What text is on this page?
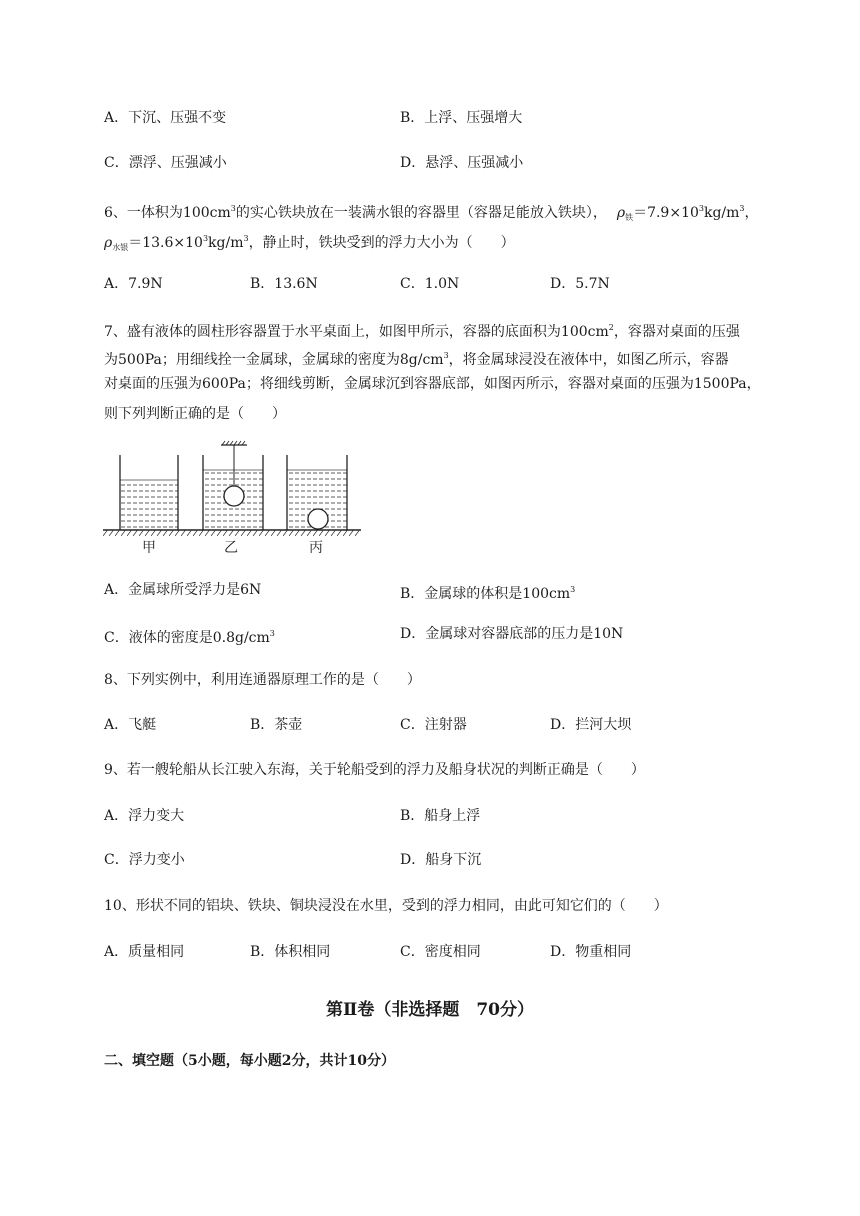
A．下沉、压强不变	B．上浮、压强增大
C．漂浮、压强减小	D．悬浮、压强减小
6、一体积为$100cm^3$的实心铁块放在一装满水银的容器里（容器足能放入铁块）， $\rho_铁=7.9\times 10^3kg/m^3$，
$\rho_{水银}=13.6\times 10^3kg/m^3$，静止时，铁块受到的浮力大小为（　　）
A．7.9N	B．13.6N	C．1.0N	D．5.7N
7、盛有液体的圆柱形容器置于水平桌面上，如图甲所示，容器的底面积为$100cm^2$，容器对桌面的压强
为500Pa；用细线拴一金属球，金属球的密度为$8g/cm^3$，将金属球浸没在液体中，如图乙所示，容器
对桌面的压强为600Pa；将细线剪断，金属球沉到容器底部，如图丙所示，容器对桌面的压强为1500Pa，
则下列判断正确的是（　　）
甲	乙	丙
A．金属球所受浮力是6N	B．金属球的体积是$100cm^3$
C．液体的密度是$0.8g/cm^3$	D．金属球对容器底部的压力是10N
8、下列实例中，利用连通器原理工作的是（　　）
A．飞艇	B．茶壶	C．注射器	D．拦河大坝
9、若一艘轮船从长江驶入东海，关于轮船受到的浮力及船身状况的判断正确是（　　）
A．浮力变大	B．船身上浮
C．浮力变小	D．船身下沉
10、形状不同的铝块、铁块、铜块浸没在水里，受到的浮力相同，由此可知它们的（　　）
A．质量相同	B．体积相同	C．密度相同	D．物重相同
第Ⅱ卷（非选择题　70分）
二、填空题（5小题，每小题2分，共计10分）
